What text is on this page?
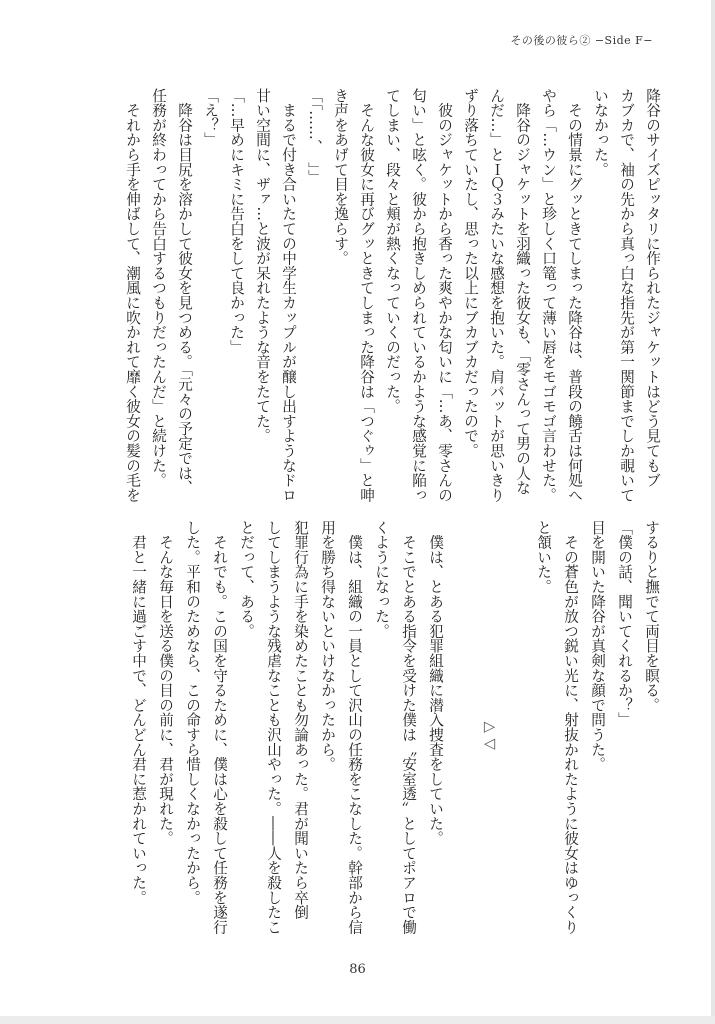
その後の彼ら② −Side F−
降谷のサイズピッタリに作られたジャケットはどう見てもブ
カブカで、袖の先から真っ白な指先が第一関節までしか覗いて
いなかった。
　その情景にグッときてしまった降谷は、普段の饒舌は何処へ
やら「…ウン」と珍しく口篭って薄い唇をモゴモゴ言わせた。
　降谷のジャケットを羽織った彼女も、「零さんって男の人な
んだ…」とＩＱ３みたいな感想を抱いた。肩パットが思いきり
ずり落ちていたし、思った以上にブカブカだったので。
　彼のジャケットから香った爽やかな匂いに「…あ、零さんの
匂い」と呟く。彼から抱きしめられているかような感覚に陥っ
てしまい、段々と頬が熱くなっていくのだった。
　そんな彼女に再びグッときてしまった降谷は「つぐゥ」と呻
き声をあげて目を逸らす。
「「……、　」」
　まるで付き合いたての中学生カップルが醸し出すようなドロ
甘い空間に、ザァ…と波が呆れたような音をたてた。
「…早めにキミに告白をして良かった」
「え？」
　降谷は目尻を溶かして彼女を見つめる。「元々の予定では、
任務が終わってから告白するつもりだったんだ」と続けた。
　それから手を伸ばして、潮風に吹かれて靡く彼女の髪の毛を
するりと撫でて両目を瞑る。
「僕の話、聞いてくれるか？」
目を開いた降谷が真剣な顔で問うた。
　その蒼色が放つ鋭い光に、射抜かれたように彼女はゆっくり
と頷いた。

▷◁

　僕は、とある犯罪組織に潜入捜査をしていた。
　そこでとある指令を受けた僕は〝安室透〟としてポアロで働
くようになった。
　僕は、組織の一員として沢山の任務をこなした。幹部から信
用を勝ち得ないといけなかったから。
犯罪行為に手を染めたことも勿論あった。君が聞いたら卒倒
してしまうような残虐なことも沢山やった。――人を殺したこ
とだって、ある。
　それでも。この国を守るために、僕は心を殺して任務を遂行
した。平和のためなら、この命すら惜しくなかったから。
　そんな毎日を送る僕の目の前に、君が現れた。
　君と一緒に過ごす中で、どんどん君に惹かれていった。
86
